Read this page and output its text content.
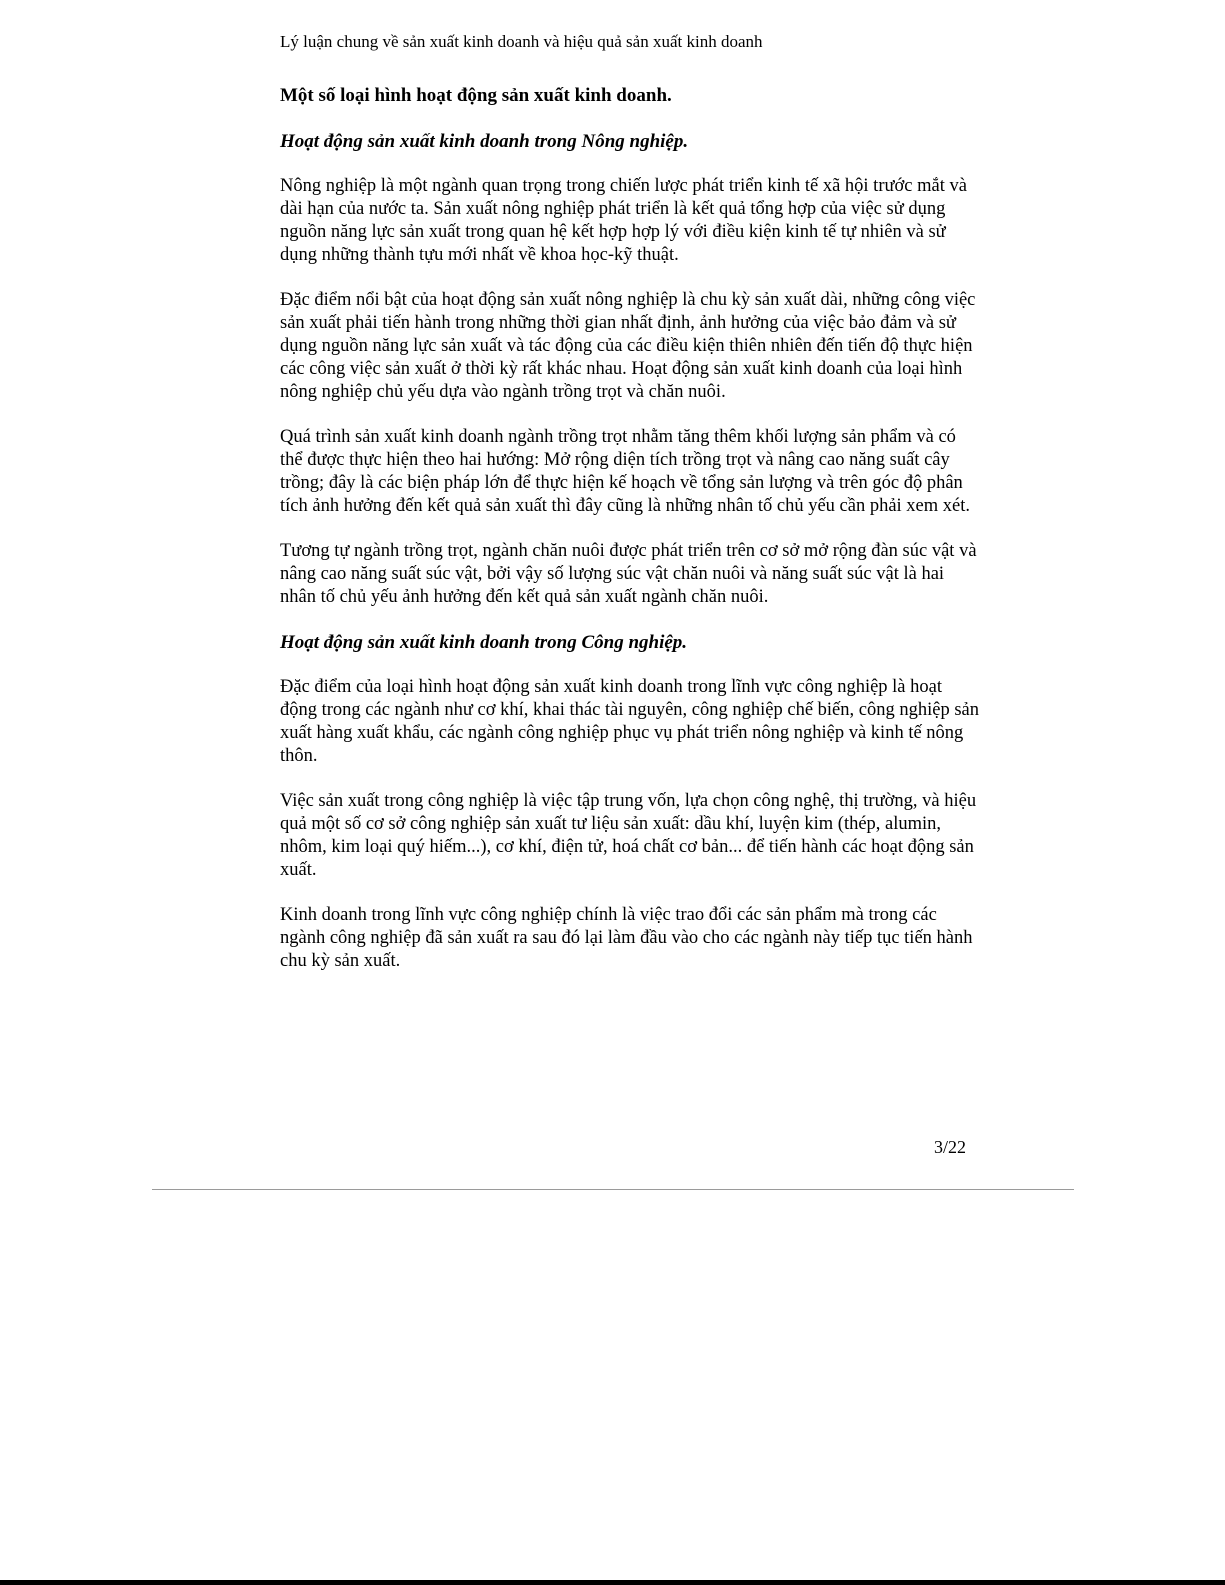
Lý luận chung về sản xuất kinh doanh và hiệu quả sản xuất kinh doanh
Một số loại hình hoạt động sản xuất kinh doanh.
Hoạt động sản xuất kinh doanh trong Nông nghiệp.

Nông nghiệp là một ngành quan trọng trong chiến lược phát triển kinh tế xã hội trước mắt và dài hạn của nước ta. Sản xuất nông nghiệp phát triển là kết quả tổng hợp của việc sử dụng nguồn năng lực sản xuất trong quan hệ kết hợp hợp lý với điều kiện kinh tế tự nhiên và sử dụng những thành tựu mới nhất về khoa học-kỹ thuật.

Đặc điểm nổi bật của hoạt động sản xuất nông nghiệp là chu kỳ sản xuất dài, những công việc sản xuất phải tiến hành trong những thời gian nhất định, ảnh hưởng của việc bảo đảm và sử dụng nguồn năng lực sản xuất và tác động của các điều kiện thiên nhiên đến tiến độ thực hiện các công việc sản xuất ở thời kỳ rất khác nhau. Hoạt động sản xuất kinh doanh của loại hình nông nghiệp chủ yếu dựa vào ngành trồng trọt và chăn nuôi.

Quá trình sản xuất kinh doanh ngành trồng trọt nhằm tăng thêm khối lượng sản phẩm và có thể được thực hiện theo hai hướng: Mở rộng diện tích trồng trọt và nâng cao năng suất cây trồng; đây là các biện pháp lớn để thực hiện kế hoạch về tổng sản lượng và trên góc độ phân tích ảnh hưởng đến kết quả sản xuất thì đây cũng là những nhân tố chủ yếu cần phải xem xét.

Tương tự ngành trồng trọt, ngành chăn nuôi được phát triển trên cơ sở mở rộng đàn súc vật và nâng cao năng suất súc vật, bởi vậy số lượng súc vật chăn nuôi và năng suất súc vật là hai nhân tố chủ yếu ảnh hưởng đến kết quả sản xuất ngành chăn nuôi.

Hoạt động sản xuất kinh doanh trong Công nghiệp.

Đặc điểm của loại hình hoạt động sản xuất kinh doanh trong lĩnh vực công nghiệp là hoạt động trong các ngành như cơ khí, khai thác tài nguyên, công nghiệp chế biến, công nghiệp sản xuất hàng xuất khẩu, các ngành công nghiệp phục vụ phát triển nông nghiệp và kinh tế nông thôn.

Việc sản xuất trong công nghiệp là việc tập trung vốn, lựa chọn công nghệ, thị trường, và hiệu quả một số cơ sở công nghiệp sản xuất tư liệu sản xuất: dầu khí, luyện kim (thép, alumin, nhôm, kim loại quý hiếm...), cơ khí, điện tử, hoá chất cơ bản... để tiến hành các hoạt động sản xuất.

Kinh doanh trong lĩnh vực công nghiệp chính là việc trao đổi các sản phẩm mà trong các ngành công nghiệp đã sản xuất ra sau đó lại làm đầu vào cho các ngành này tiếp tục tiến hành chu kỳ sản xuất.

3/22
